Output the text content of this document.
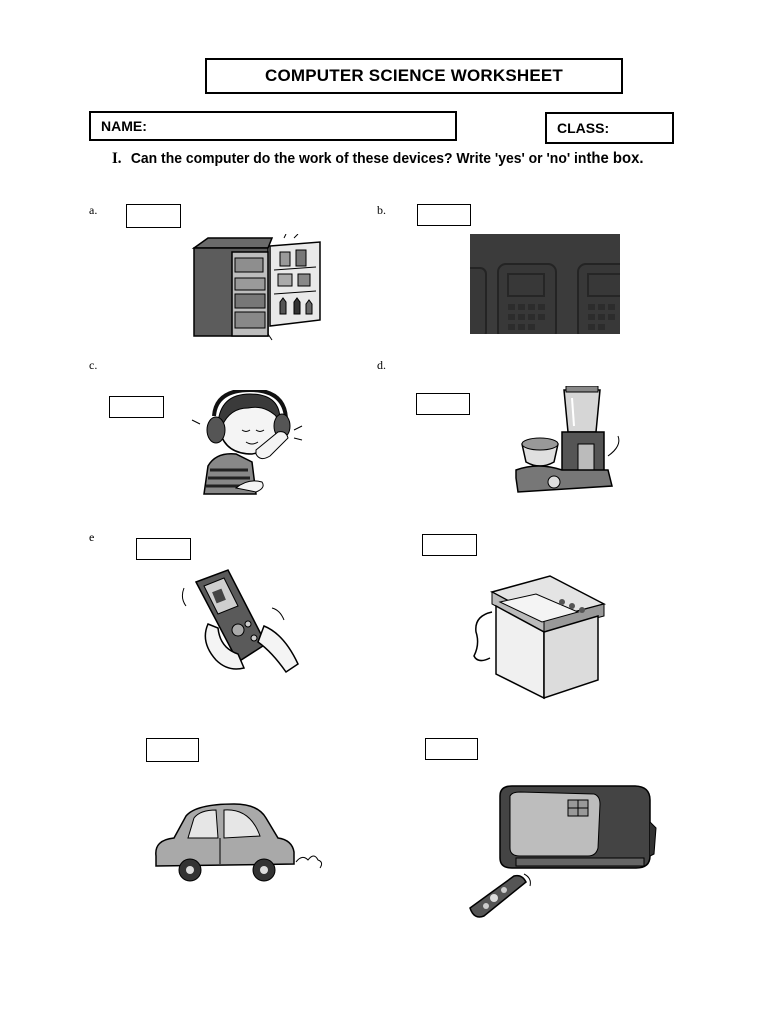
COMPUTER SCIENCE WORKSHEET
NAME:	CLASS:
I. Can the computer do the work of these devices? Write 'yes' or 'no' inthe box.
a.	b.
c.	d.
e
